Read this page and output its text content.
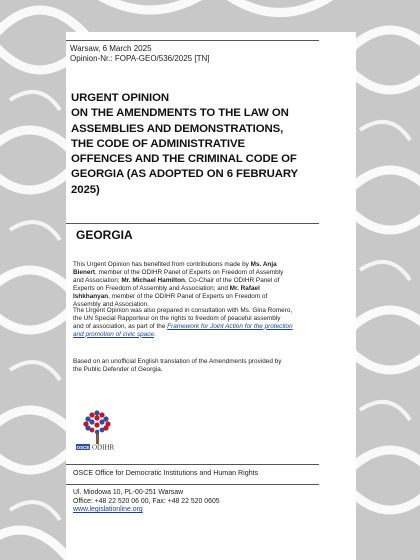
Warsaw, 6 March 2025
Opinion-Nr.: FOPA-GEO/536/2025 [TN]
URGENT OPINION
ON THE AMENDMENTS TO THE LAW ON
ASSEMBLIES AND DEMONSTRATIONS,
THE CODE OF ADMINISTRATIVE
OFFENCES AND THE CRIMINAL CODE OF
GEORGIA (AS ADOPTED ON 6 FEBRUARY
2025)
GEORGIA
This Urgent Opinion has benefited from contributions made by Ms. Anja
Bienert, member of the ODIHR Panel of Experts on Freedom of Assembly
and Association; Mr. Michael Hamilton, Co-Chair of the ODIHR Panel of
Experts on Freedom of Assembly and Association; and Mr. Rafael
Ishkhanyan, member of the ODIHR Panel of Experts on Freedom of
Assembly and Association.
The Urgent Opinion was also prepared in consultation with Ms. Gina Romero,
the UN Special Rapporteur on the rights to freedom of peaceful assembly
and of association, as part of the Framework for Joint Action for the protection
and promotion of civic space.
Based on an unofficial English translation of the Amendments provided by
the Public Defender of Georgia.
OSCE ODIHR
OSCE Office for Democratic Institutions and Human Rights
Ul. Miodowa 10, PL-00-251 Warsaw
Office: +48 22 520 06 00, Fax: +48 22 520 0605
www.legislationline.org
